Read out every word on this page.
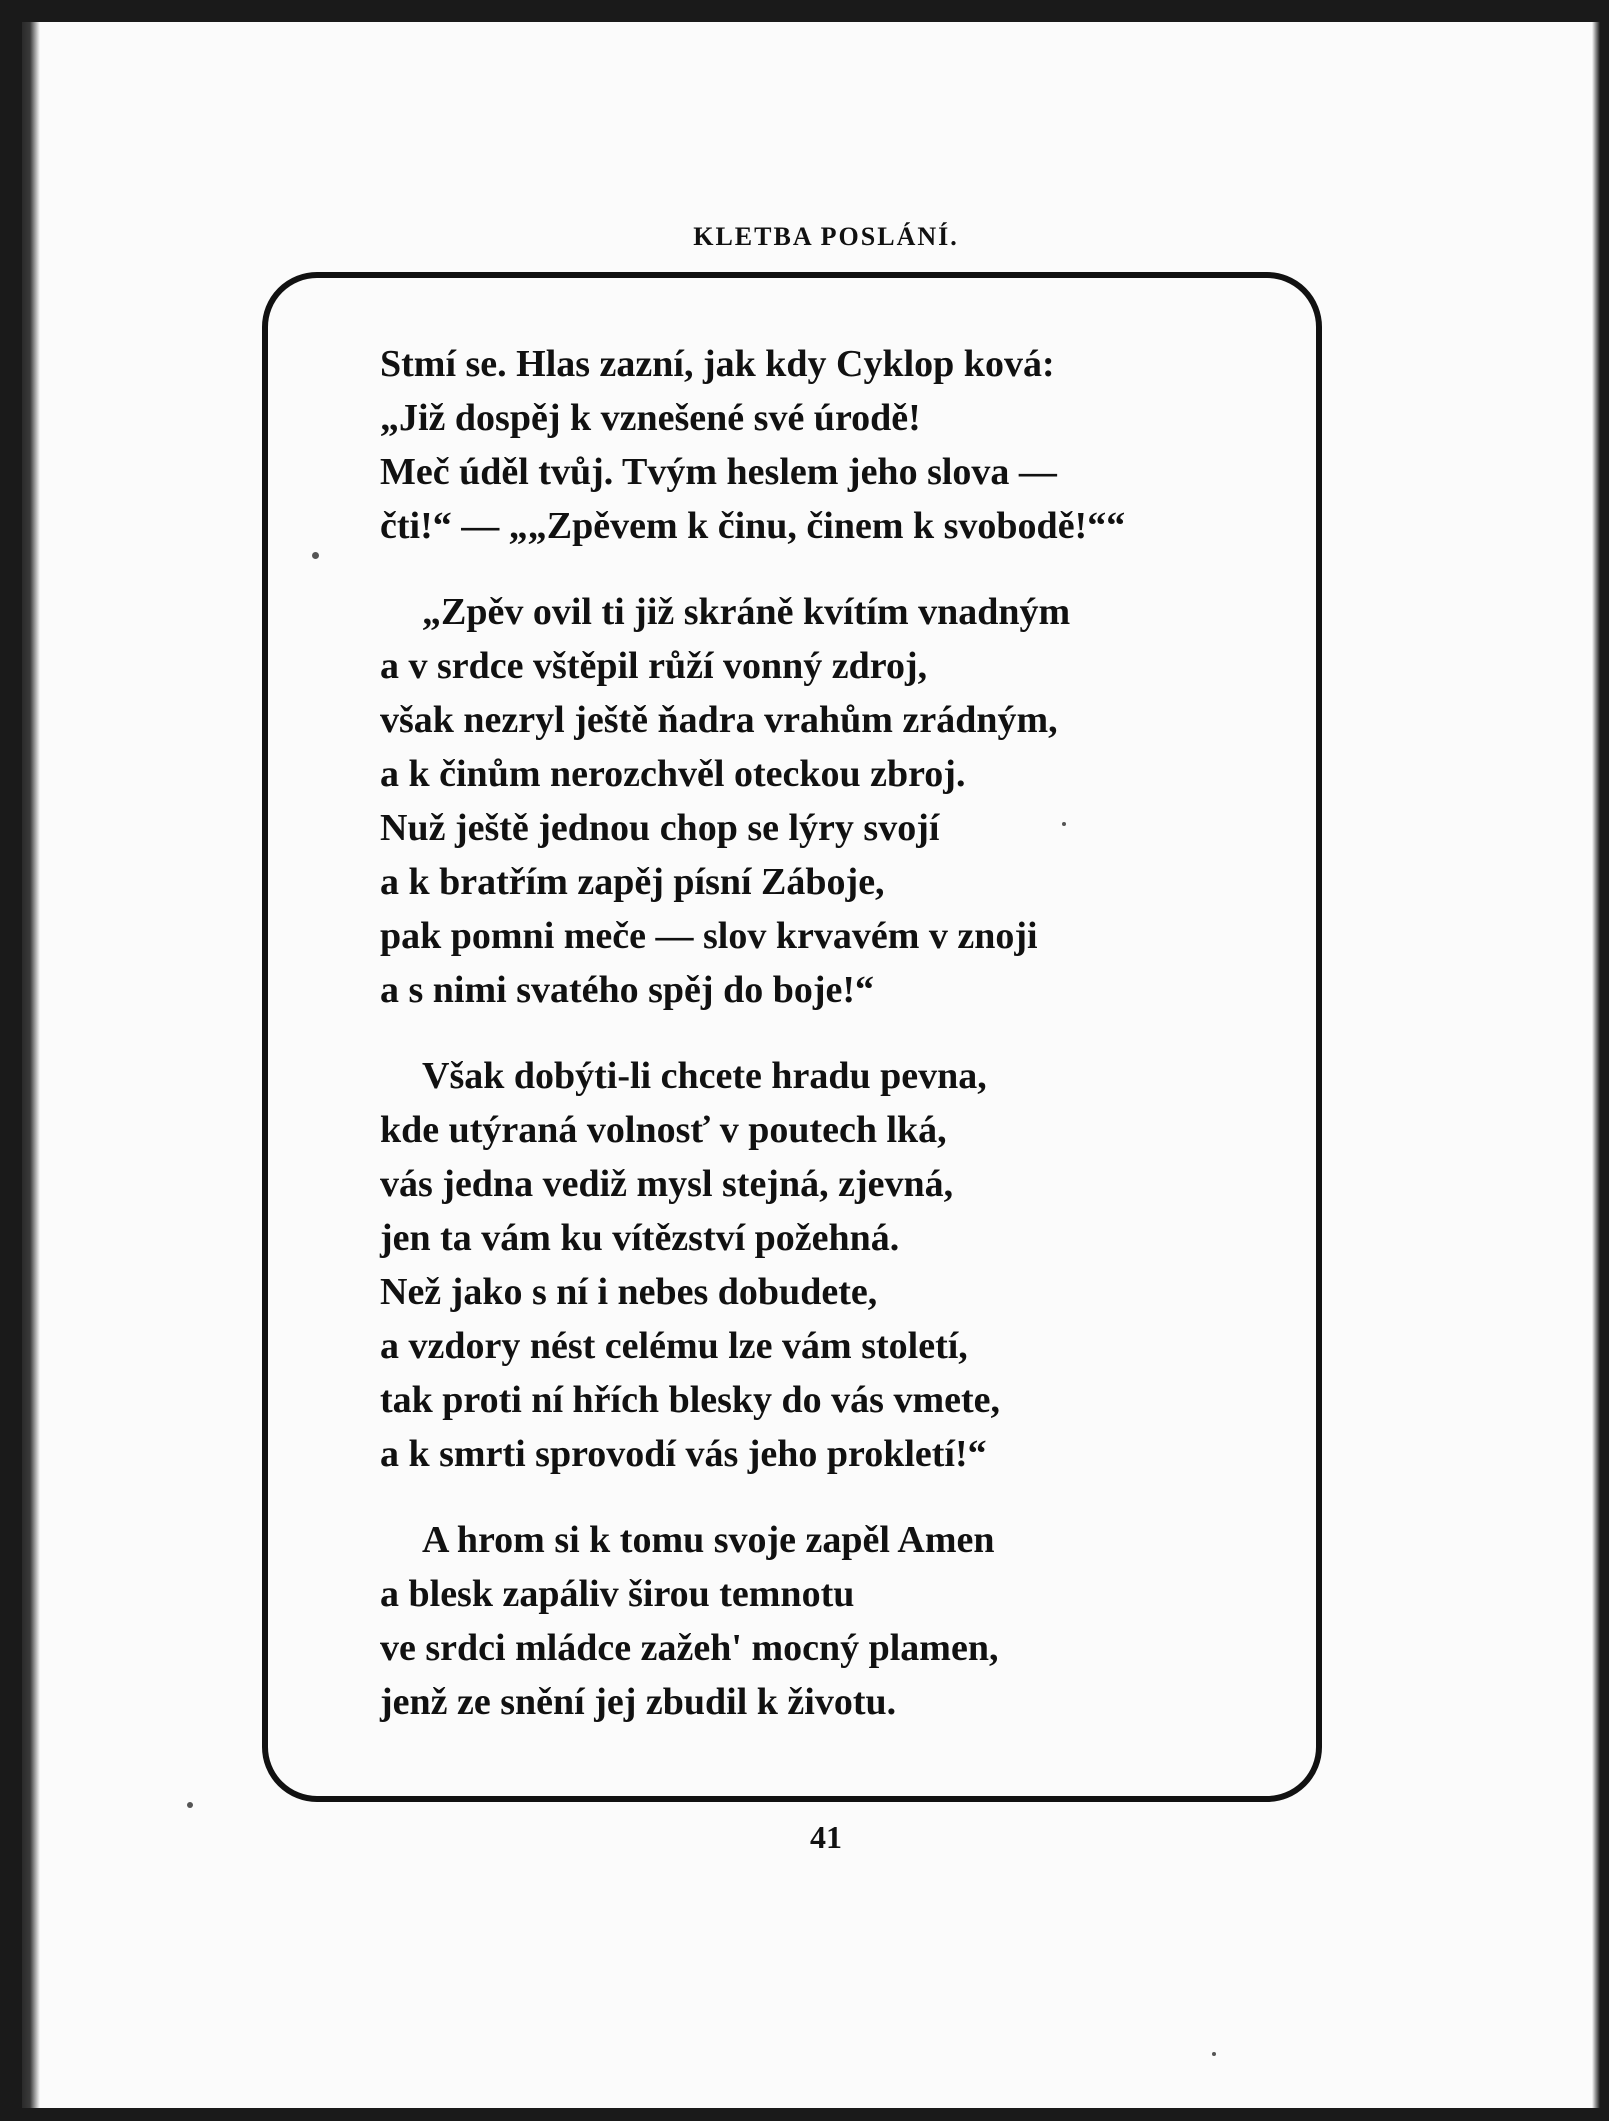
KLETBA POSLÁNÍ.
Stmí se. Hlas zazní, jak kdy Cyklop ková:
„Již dospěj k vznešené své úrodě!
Meč úděl tvůj. Tvým heslem jeho slova —
čti!“ — „„Zpěvem k činu, činem k svobodě!““
„Zpěv ovil ti již skráně kvítím vnadným
a v srdce vštěpil růží vonný zdroj,
však nezryl ještě ňadra vrahům zrádným,
a k činům nerozchvěl oteckou zbroj.
Nuž ještě jednou chop se lýry svojí
a k bratřím zapěj písní Záboje,
pak pomni meče — slov krvavém v znoji
a s nimi svatého spěj do boje!“
Však dobýti-li chcete hradu pevna,
kde utýraná volnosť v poutech lká,
vás jedna vediž mysl stejná, zjevná,
jen ta vám ku vítězství požehná.
Než jako s ní i nebes dobudete,
a vzdory nést celému lze vám století,
tak proti ní hřích blesky do vás vmete,
a k smrti sprovodí vás jeho prokletí!“
A hrom si k tomu svoje zapěl Amen
a blesk zapáliv širou temnotu
ve srdci mládce zažeh' mocný plamen,
jenž ze snění jej zbudil k životu.
41
